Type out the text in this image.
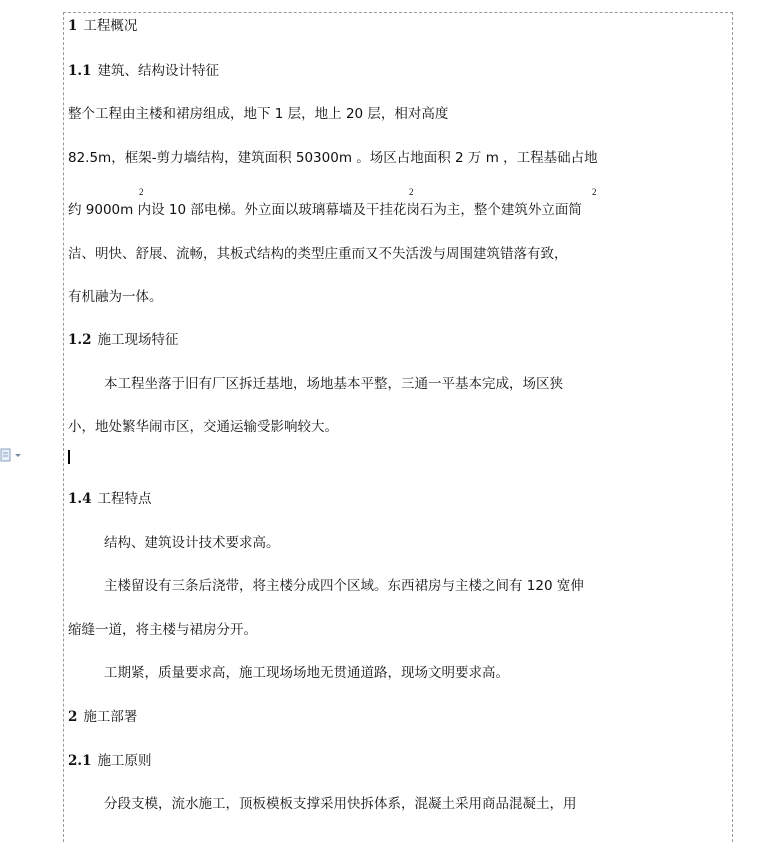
1 工程概况
1.1 建筑、结构设计特征
整个工程由主楼和裙房组成，地下 1 层，地上 20 层，相对高度
82.5m，框架-剪力墙结构，建筑面积 50300m 。场区占地面积 2 万 m ，工程基础占地
2	2	2
约 9000m 内设 10 部电梯。外立面以玻璃幕墙及干挂花岗石为主，整个建筑外立面简
洁、明快、舒展、流畅，其板式结构的类型庄重而又不失活泼与周围建筑错落有致，
有机融为一体。
1.2 施工现场特征
本工程坐落于旧有厂区拆迁基地，场地基本平整，三通一平基本完成，场区狭
小，地处繁华闹市区，交通运输受影响较大。
1.4 工程特点
结构、建筑设计技术要求高。
主楼留设有三条后浇带，将主楼分成四个区域。东西裙房与主楼之间有 120 宽伸
缩缝一道，将主楼与裙房分开。
工期紧，质量要求高，施工现场场地无贯通道路，现场文明要求高。
2 施工部署
2.1 施工原则
分段支模，流水施工，顶板模板支撑采用快拆体系，混凝土采用商品混凝土，用
